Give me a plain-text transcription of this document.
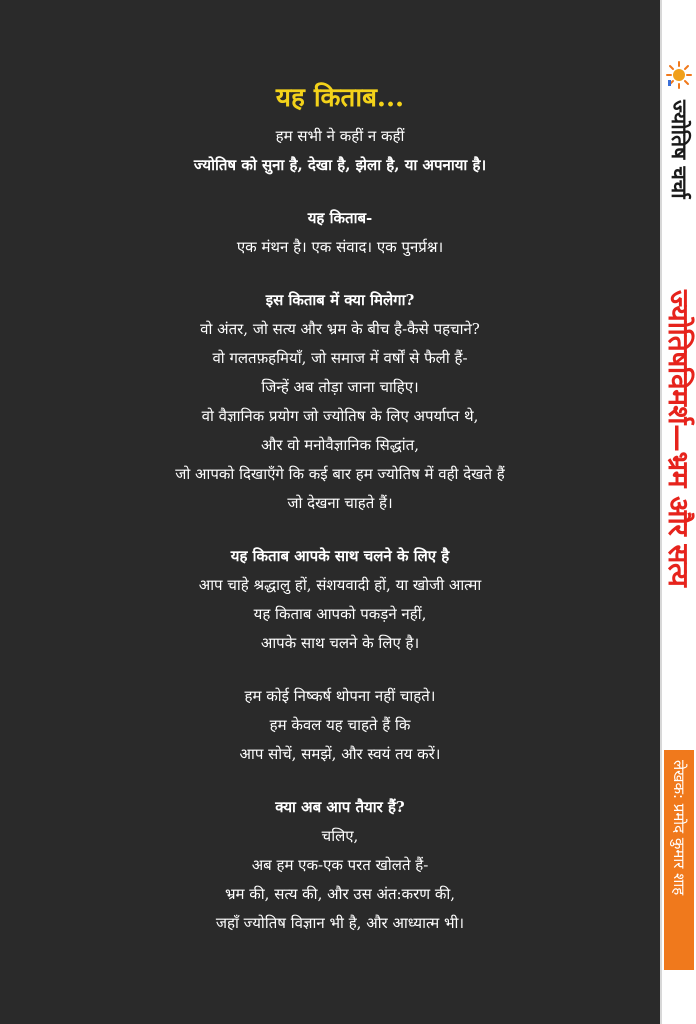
यह किताब...

हम सभी ने कहीं न कहीं

ज्योतिष को सुना है, देखा है, झेला है, या अपनाया है।

यह किताब-

एक मंथन है। एक संवाद। एक पुनर्प्रश्न।

इस किताब में क्या मिलेगा?

वो अंतर, जो सत्य और भ्रम के बीच है-कैसे पहचाने?

वो गलतफ़हमियाँ, जो समाज में वर्षों से फैली हैं-

जिन्हें अब तोड़ा जाना चाहिए।

वो वैज्ञानिक प्रयोग जो ज्योतिष के लिए अपर्याप्त थे,

और वो मनोवैज्ञानिक सिद्धांत,

जो आपको दिखाएँगे कि कई बार हम ज्योतिष में वही देखते हैं

जो देखना चाहते हैं।

यह किताब आपके साथ चलने के लिए है

आप चाहे श्रद्धालु हों, संशयवादी हों, या खोजी आत्मा

यह किताब आपको पकड़ने नहीं,

आपके साथ चलने के लिए है।

हम कोई निष्कर्ष थोपना नहीं चाहते।

हम केवल यह चाहते हैं कि

आप सोचें, समझें, और स्वयं तय करें।

क्या अब आप तैयार हैं?

चलिए,

अब हम एक-एक परत खोलते हैं-

भ्रम की, सत्य की, और उस अंत:करण की,

जहाँ ज्योतिष विज्ञान भी है, और आध्यात्म भी।

ज्योतिष चर्चा
ज्योतिषविमर्श—भ्रम और सत्य
लेखक: प्रमोद कुमार शाह
